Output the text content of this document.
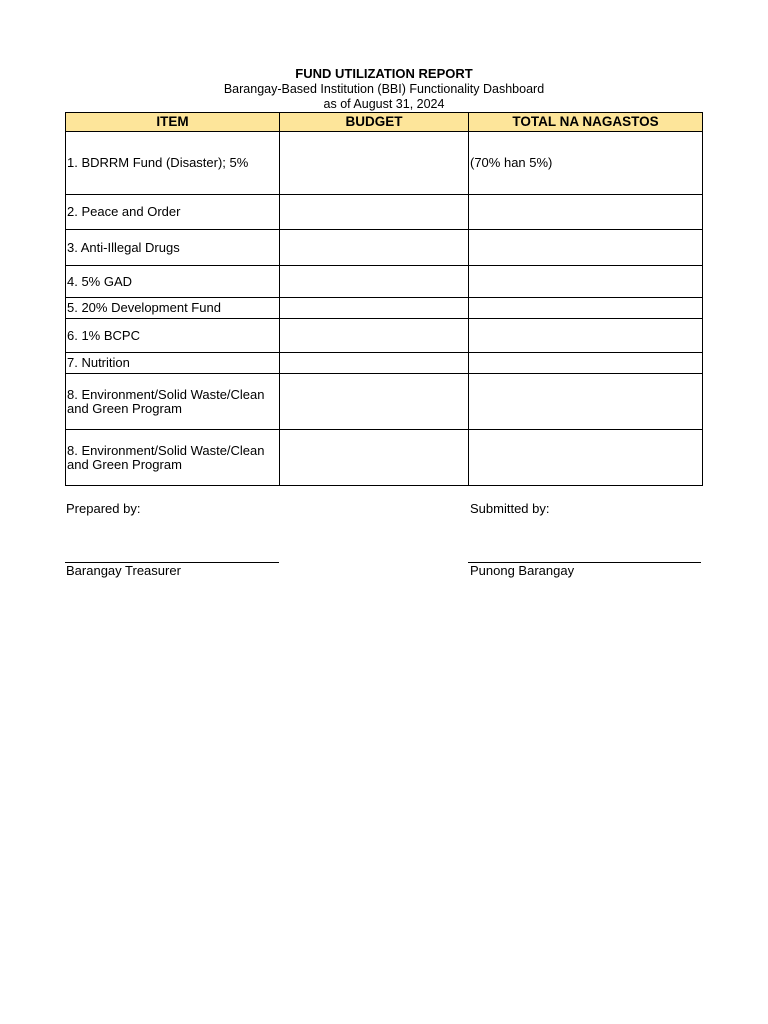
FUND UTILIZATION REPORT
Barangay-Based Institution (BBI) Functionality Dashboard
as of August 31, 2024
ITEM	BUDGET	TOTAL NA NAGASTOS
1. BDRRM Fund (Disaster); 5%		(70% han 5%)
2. Peace and Order		
3. Anti-Illegal Drugs		
4. 5% GAD		
5. 20% Development Fund		
6. 1% BCPC		
7. Nutrition		
8. Environment/Solid Waste/Clean and Green Program		
8. Environment/Solid Waste/Clean and Green Program		
Prepared by:	Submitted by:
Barangay Treasurer	Punong Barangay
